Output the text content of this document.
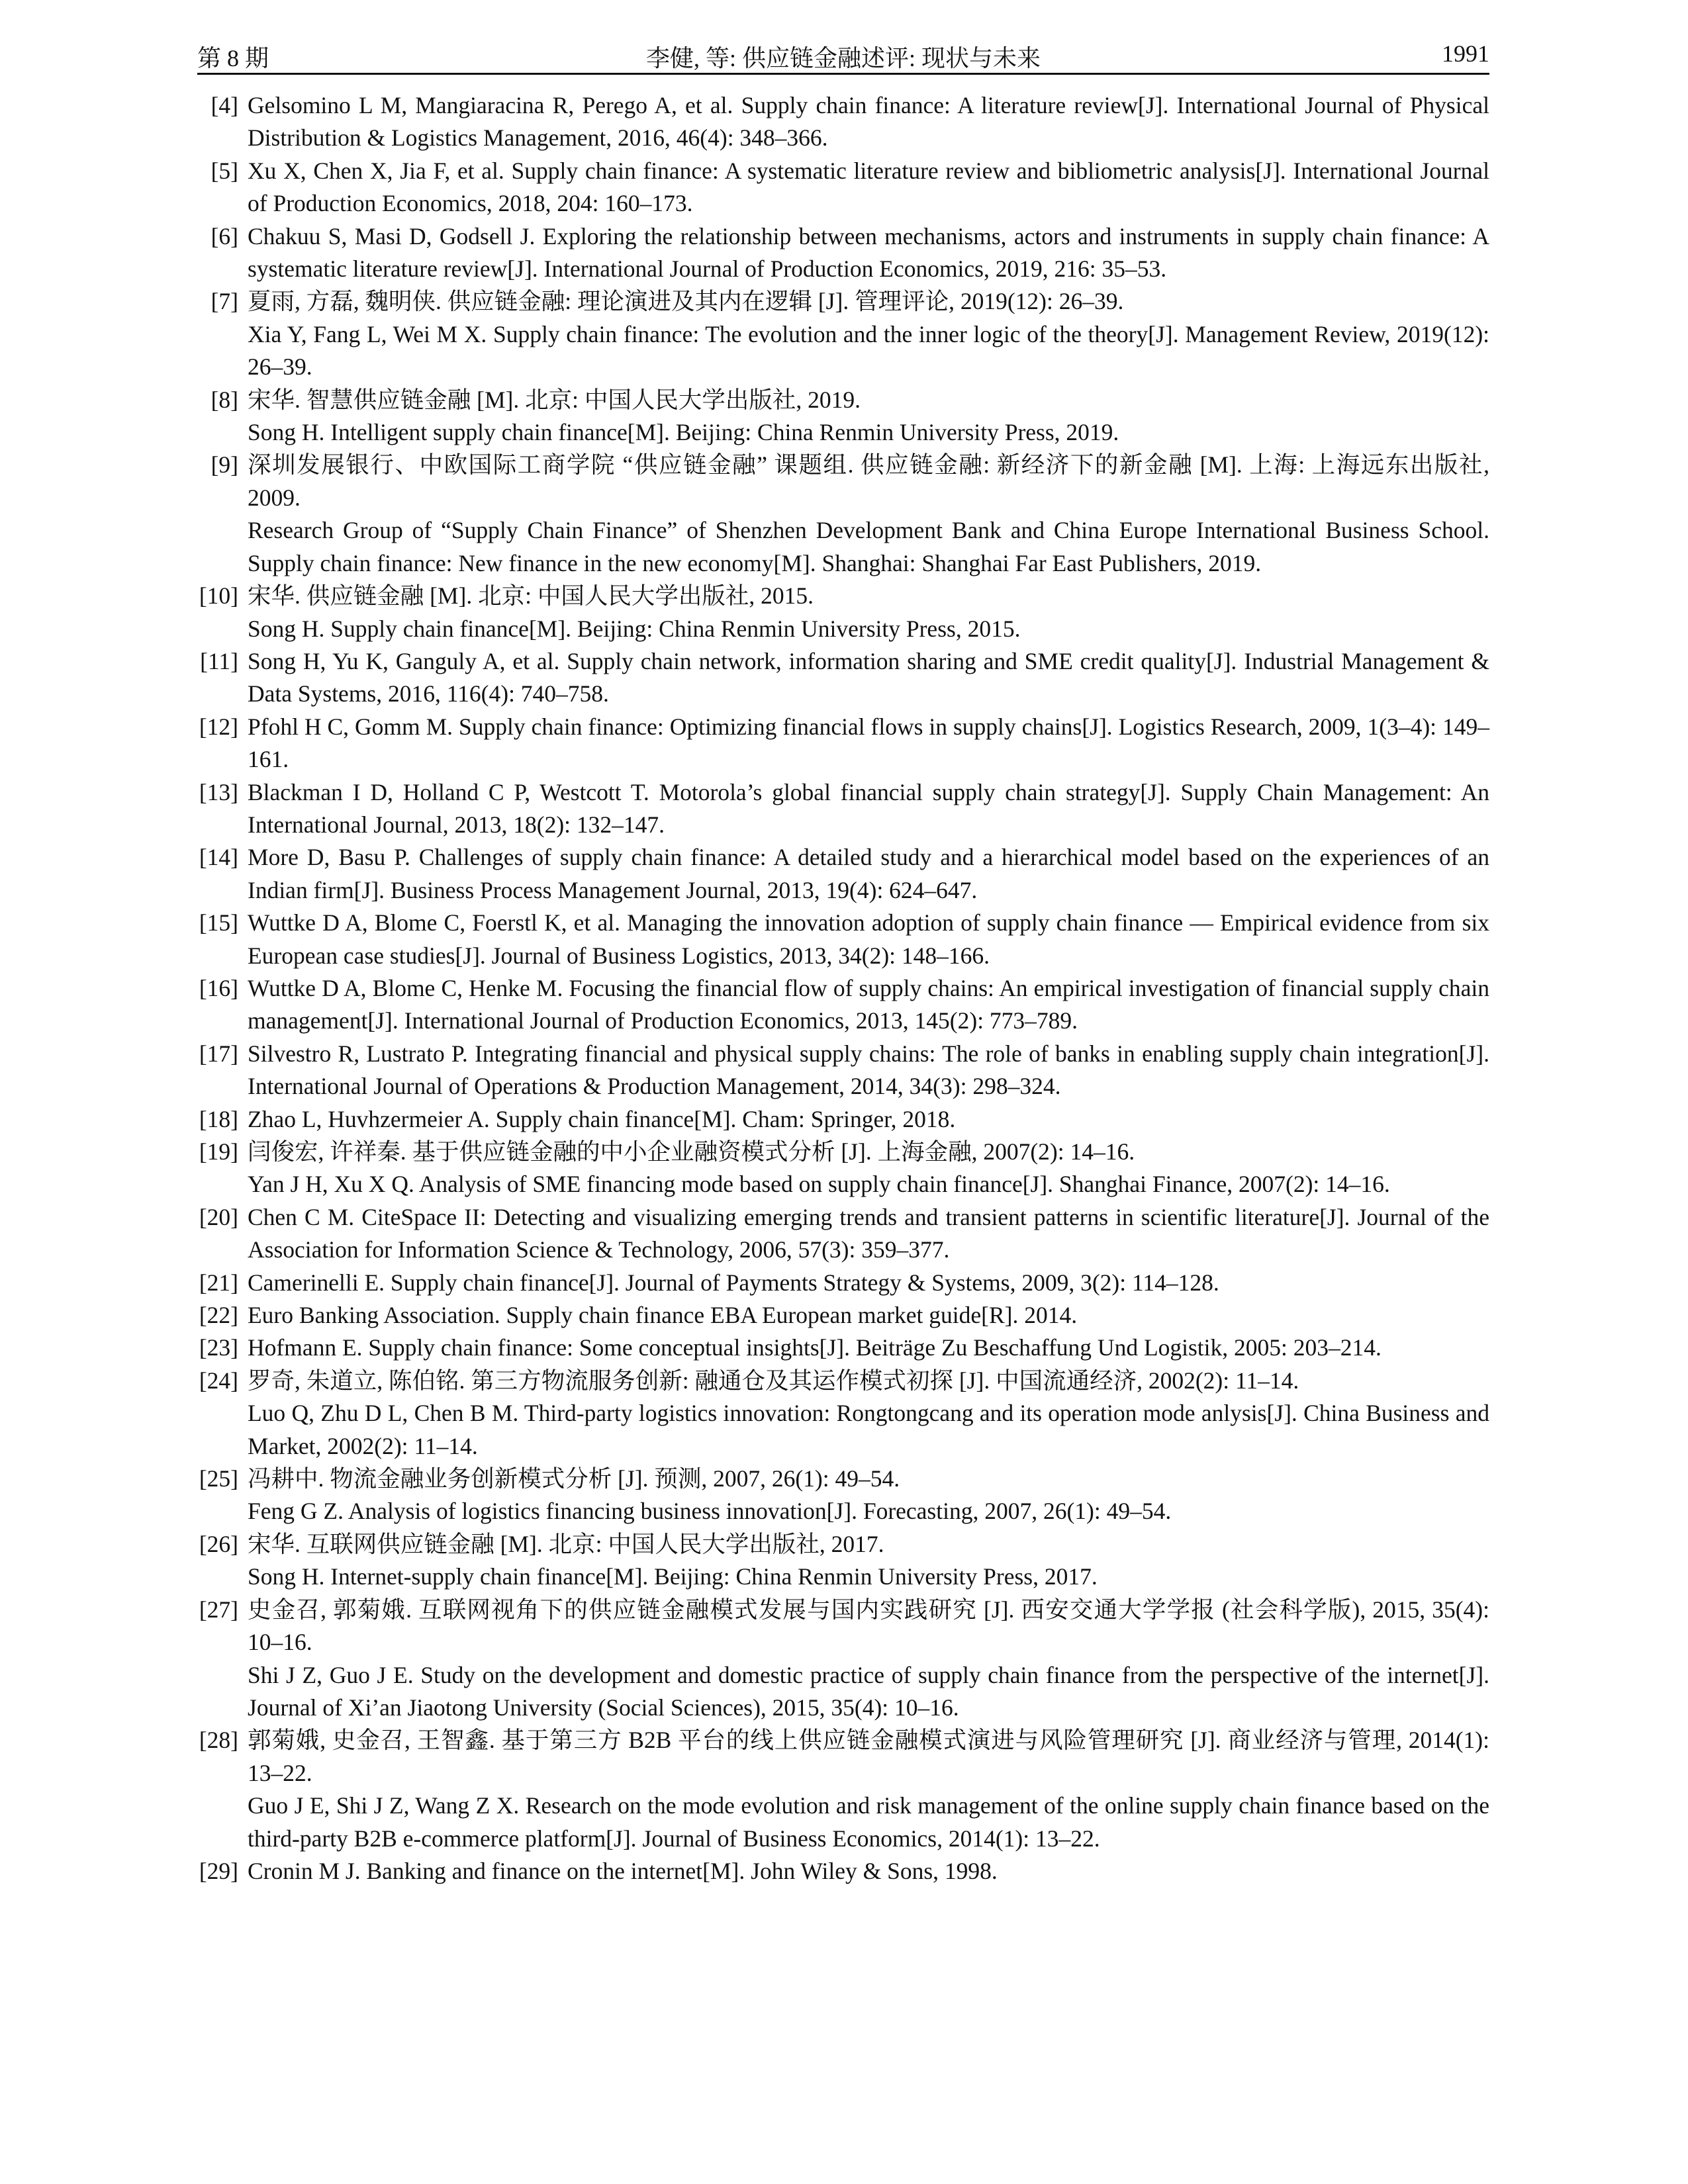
第 8 期	李健, 等: 供应链金融述评: 现状与未来	1991
[4] Gelsomino L M, Mangiaracina R, Perego A, et al. Supply chain finance: A literature review[J]. International Journal of Physical Distribution & Logistics Management, 2016, 46(4): 348–366.
[5] Xu X, Chen X, Jia F, et al. Supply chain finance: A systematic literature review and bibliometric analysis[J]. International Journal of Production Economics, 2018, 204: 160–173.
[6] Chakuu S, Masi D, Godsell J. Exploring the relationship between mechanisms, actors and instruments in supply chain finance: A systematic literature review[J]. International Journal of Production Economics, 2019, 216: 35–53.
[7] 夏雨, 方磊, 魏明侠. 供应链金融: 理论演进及其内在逻辑 [J]. 管理评论, 2019(12): 26–39.
Xia Y, Fang L, Wei M X. Supply chain finance: The evolution and the inner logic of the theory[J]. Management Review, 2019(12): 26–39.
[8] 宋华. 智慧供应链金融 [M]. 北京: 中国人民大学出版社, 2019.
Song H. Intelligent supply chain finance[M]. Beijing: China Renmin University Press, 2019.
[9] 深圳发展银行、中欧国际工商学院 “供应链金融” 课题组. 供应链金融: 新经济下的新金融 [M]. 上海: 上海远东出版社, 2009.
Research Group of “Supply Chain Finance” of Shenzhen Development Bank and China Europe International Business School. Supply chain finance: New finance in the new economy[M]. Shanghai: Shanghai Far East Publishers, 2019.
[10] 宋华. 供应链金融 [M]. 北京: 中国人民大学出版社, 2015.
Song H. Supply chain finance[M]. Beijing: China Renmin University Press, 2015.
[11] Song H, Yu K, Ganguly A, et al. Supply chain network, information sharing and SME credit quality[J]. Industrial Management & Data Systems, 2016, 116(4): 740–758.
[12] Pfohl H C, Gomm M. Supply chain finance: Optimizing financial flows in supply chains[J]. Logistics Research, 2009, 1(3–4): 149–161.
[13] Blackman I D, Holland C P, Westcott T. Motorola’s global financial supply chain strategy[J]. Supply Chain Management: An International Journal, 2013, 18(2): 132–147.
[14] More D, Basu P. Challenges of supply chain finance: A detailed study and a hierarchical model based on the experiences of an Indian firm[J]. Business Process Management Journal, 2013, 19(4): 624–647.
[15] Wuttke D A, Blome C, Foerstl K, et al. Managing the innovation adoption of supply chain finance — Empirical evidence from six European case studies[J]. Journal of Business Logistics, 2013, 34(2): 148–166.
[16] Wuttke D A, Blome C, Henke M. Focusing the financial flow of supply chains: An empirical investigation of financial supply chain management[J]. International Journal of Production Economics, 2013, 145(2): 773–789.
[17] Silvestro R, Lustrato P. Integrating financial and physical supply chains: The role of banks in enabling supply chain integration[J]. International Journal of Operations & Production Management, 2014, 34(3): 298–324.
[18] Zhao L, Huvhzermeier A. Supply chain finance[M]. Cham: Springer, 2018.
[19] 闫俊宏, 许祥秦. 基于供应链金融的中小企业融资模式分析 [J]. 上海金融, 2007(2): 14–16.
Yan J H, Xu X Q. Analysis of SME financing mode based on supply chain finance[J]. Shanghai Finance, 2007(2): 14–16.
[20] Chen C M. CiteSpace II: Detecting and visualizing emerging trends and transient patterns in scientific literature[J]. Journal of the Association for Information Science & Technology, 2006, 57(3): 359–377.
[21] Camerinelli E. Supply chain finance[J]. Journal of Payments Strategy & Systems, 2009, 3(2): 114–128.
[22] Euro Banking Association. Supply chain finance EBA European market guide[R]. 2014.
[23] Hofmann E. Supply chain finance: Some conceptual insights[J]. Beiträge Zu Beschaffung Und Logistik, 2005: 203–214.
[24] 罗奇, 朱道立, 陈伯铭. 第三方物流服务创新: 融通仓及其运作模式初探 [J]. 中国流通经济, 2002(2): 11–14.
Luo Q, Zhu D L, Chen B M. Third-party logistics innovation: Rongtongcang and its operation mode anlysis[J]. China Business and Market, 2002(2): 11–14.
[25] 冯耕中. 物流金融业务创新模式分析 [J]. 预测, 2007, 26(1): 49–54.
Feng G Z. Analysis of logistics financing business innovation[J]. Forecasting, 2007, 26(1): 49–54.
[26] 宋华. 互联网供应链金融 [M]. 北京: 中国人民大学出版社, 2017.
Song H. Internet-supply chain finance[M]. Beijing: China Renmin University Press, 2017.
[27] 史金召, 郭菊娥. 互联网视角下的供应链金融模式发展与国内实践研究 [J]. 西安交通大学学报 (社会科学版), 2015, 35(4): 10–16.
Shi J Z, Guo J E. Study on the development and domestic practice of supply chain finance from the perspective of the internet[J]. Journal of Xi’an Jiaotong University (Social Sciences), 2015, 35(4): 10–16.
[28] 郭菊娥, 史金召, 王智鑫. 基于第三方 B2B 平台的线上供应链金融模式演进与风险管理研究 [J]. 商业经济与管理, 2014(1): 13–22.
Guo J E, Shi J Z, Wang Z X. Research on the mode evolution and risk management of the online supply chain finance based on the third-party B2B e-commerce platform[J]. Journal of Business Economics, 2014(1): 13–22.
[29] Cronin M J. Banking and finance on the internet[M]. John Wiley & Sons, 1998.
